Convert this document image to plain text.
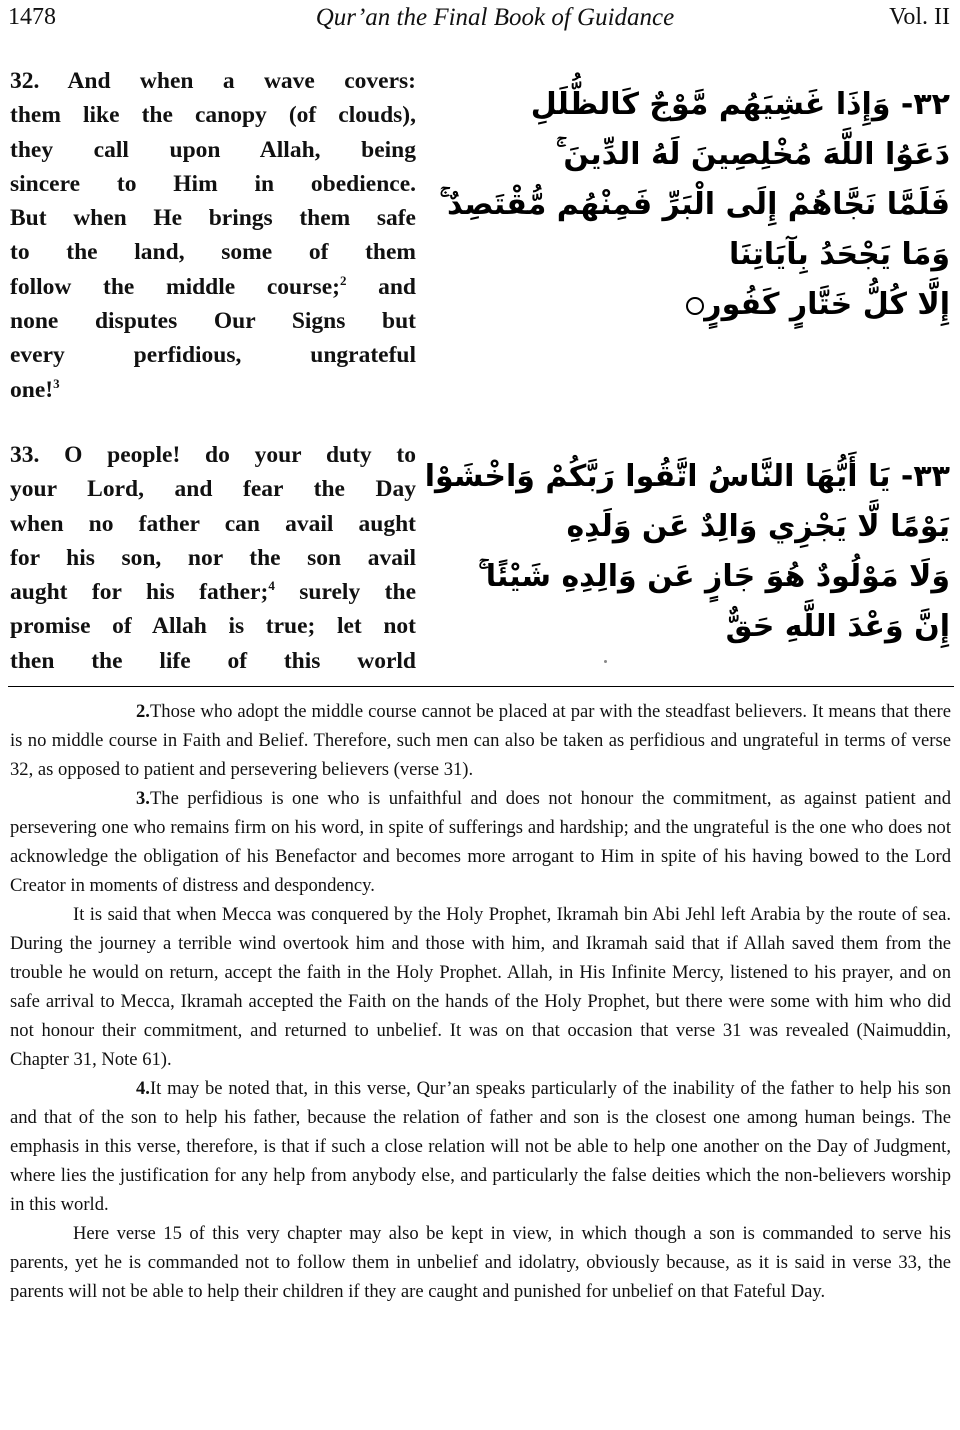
1478	Qur’an the Final Book of Guidance	Vol. II
32. And when a wave covers:
them like the canopy (of clouds),
they call upon Allah, being
sincere to Him in obedience.
But when He brings them safe
to the land, some of them
follow the middle course;$^2$ and
none disputes Our Signs but
every perfidious, ungrateful
one!$^3$
٣٢- وَإِذَا غَشِيَهُم مَّوْجٌ كَالظُّلَلِ
دَعَوُا اللَّهَ مُخْلِصِينَ لَهُ الدِّينَ ۚ
فَلَمَّا نَجَّاهُمْ إِلَى الْبَرِّ فَمِنْهُم مُّقْتَصِدٌ ۚ
وَمَا يَجْحَدُ بِآيَاتِنَا
إِلَّا كُلُّ خَتَّارٍ كَفُورٍ
33. O people! do your duty to
your Lord, and fear the Day
when no father can avail aught
for his son, nor the son avail
aught for his father;$^4$ surely the
promise of Allah is true; let not
then the life of this world
٣٣- يَا أَيُّهَا النَّاسُ اتَّقُوا رَبَّكُمْ وَاخْشَوْا
يَوْمًا لَّا يَجْزِي وَالِدٌ عَن وَلَدِهِ
وَلَا مَوْلُودٌ هُوَ جَازٍ عَن وَالِدِهِ شَيْئًا ۚ
إِنَّ وَعْدَ اللَّهِ حَقٌّ

2.Those who adopt the middle course cannot be placed at par with the steadfast believers. It means that there is no middle course in Faith and Belief. Therefore, such men can also be taken as perfidious and ungrateful in terms of verse 32, as opposed to patient and persevering believers (verse 31).

3.The perfidious is one who is unfaithful and does not honour the commitment, as against patient and persevering one who remains firm on his word, in spite of sufferings and hardship; and the ungrateful is the one who does not acknowledge the obligation of his Benefactor and becomes more arrogant to Him in spite of his having bowed to the Lord Creator in moments of distress and despondency.

It is said that when Mecca was conquered by the Holy Prophet, Ikramah bin Abi Jehl left Arabia by the route of sea. During the journey a terrible wind overtook him and those with him, and Ikramah said that if Allah saved them from the trouble he would on return, accept the faith in the Holy Prophet. Allah, in His Infinite Mercy, listened to his prayer, and on safe arrival to Mecca, Ikramah accepted the Faith on the hands of the Holy Prophet, but there were some with him who did not honour their commitment, and returned to unbelief. It was on that occasion that verse 31 was revealed (Naimuddin, Chapter 31, Note 61).

4.It may be noted that, in this verse, Qur’an speaks particularly of the inability of the father to help his son and that of the son to help his father, because the relation of father and son is the closest one among human beings. The emphasis in this verse, therefore, is that if such a close relation will not be able to help one another on the Day of Judgment, where lies the justification for any help from anybody else, and particularly the false deities which the non-believers worship in this world.

Here verse 15 of this very chapter may also be kept in view, in which though a son is commanded to serve his parents, yet he is commanded not to follow them in unbelief and idolatry, obviously because, as it is said in verse 33, the parents will not be able to help their children if they are caught and punished for unbelief on that Fateful Day.
